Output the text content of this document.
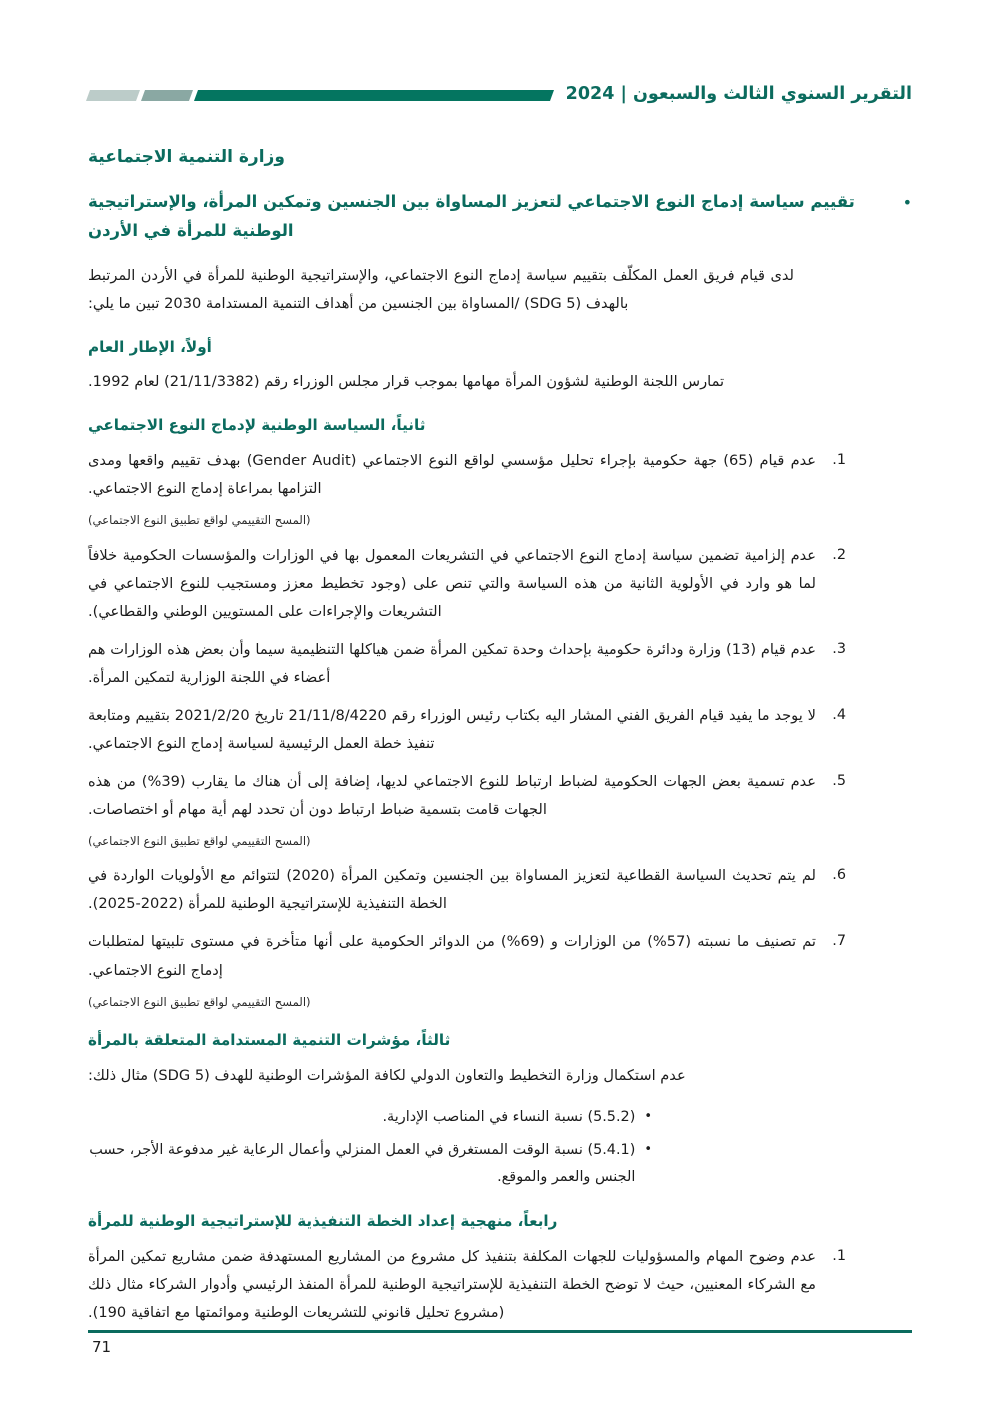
التقرير السنوي الثالث والسبعون | 2024
وزارة التنمية الاجتماعية
•
تقييم سياسة إدماج النوع الاجتماعي لتعزيز المساواة بين الجنسين وتمكين المرأة، والإستراتيجية الوطنية للمرأة في الأردن

لدى قيام فريق العمل المكلّف بتقييم سياسة إدماج النوع الاجتماعي، والإستراتيجية الوطنية للمرأة في الأردن المرتبط بالهدف (SDG 5) /المساواة بين الجنسين من أهداف التنمية المستدامة 2030 تبين ما يلي:

أولاً، الإطار العام

تمارس اللجنة الوطنية لشؤون المرأة مهامها بموجب قرار مجلس الوزراء رقم (21/11/3382) لعام 1992.

ثانياً، السياسة الوطنية لإدماج النوع الاجتماعي
.1
عدم قيام (65) جهة حكومية بإجراء تحليل مؤسسي لواقع النوع الاجتماعي (Gender Audit) بهدف تقييم واقعها ومدى التزامها بمراعاة إدماج النوع الاجتماعي.
(المسح التقييمي لواقع تطبيق النوع الاجتماعي)
.2
عدم إلزامية تضمين سياسة إدماج النوع الاجتماعي في التشريعات المعمول بها في الوزارات والمؤسسات الحكومية خلافاً لما هو وارد في الأولوية الثانية من هذه السياسة والتي تنص على (وجود تخطيط معزز ومستجيب للنوع الاجتماعي في التشريعات والإجراءات على المستويين الوطني والقطاعي).
.3
عدم قيام (13) وزارة ودائرة حكومية بإحداث وحدة تمكين المرأة ضمن هياكلها التنظيمية سيما وأن بعض هذه الوزارات هم أعضاء في اللجنة الوزارية لتمكين المرأة.
.4
لا يوجد ما يفيد قيام الفريق الفني المشار اليه بكتاب رئيس الوزراء رقم 21/11/8/4220 تاريخ 2021/2/20 بتقييم ومتابعة تنفيذ خطة العمل الرئيسية لسياسة إدماج النوع الاجتماعي.
.5
عدم تسمية بعض الجهات الحكومية لضباط ارتباط للنوع الاجتماعي لديها، إضافة إلى أن هناك ما يقارب (39%) من هذه الجهات قامت بتسمية ضباط ارتباط دون أن تحدد لهم أية مهام أو اختصاصات.
(المسح التقييمي لواقع تطبيق النوع الاجتماعي)
.6
لم يتم تحديث السياسة القطاعية لتعزيز المساواة بين الجنسين وتمكين المرأة (2020) لتتوائم مع الأولويات الواردة في الخطة التنفيذية للإستراتيجية الوطنية للمرأة (2022-2025).
.7
تم تصنيف ما نسبته (57%) من الوزارات و (69%) من الدوائر الحكومية على أنها متأخرة في مستوى تلبيتها لمتطلبات إدماج النوع الاجتماعي.
(المسح التقييمي لواقع تطبيق النوع الاجتماعي)
ثالثاً، مؤشرات التنمية المستدامة المتعلقة بالمرأة

عدم استكمال وزارة التخطيط والتعاون الدولي لكافة المؤشرات الوطنية للهدف (SDG 5) مثال ذلك:

•
(5.5.2) نسبة النساء في المناصب الإدارية.
•
(5.4.1) نسبة الوقت المستغرق في العمل المنزلي وأعمال الرعاية غير مدفوعة الأجر، حسب الجنس والعمر والموقع.
رابعاً، منهجية إعداد الخطة التنفيذية للإستراتيجية الوطنية للمرأة
.1
عدم وضوح المهام والمسؤوليات للجهات المكلفة بتنفيذ كل مشروع من المشاريع المستهدفة ضمن مشاريع تمكين المرأة مع الشركاء المعنيين، حيث لا توضح الخطة التنفيذية للإستراتيجية الوطنية للمرأة المنفذ الرئيسي وأدوار الشركاء مثال ذلك (مشروع تحليل قانوني للتشريعات الوطنية وموائمتها مع اتفاقية 190).
71
